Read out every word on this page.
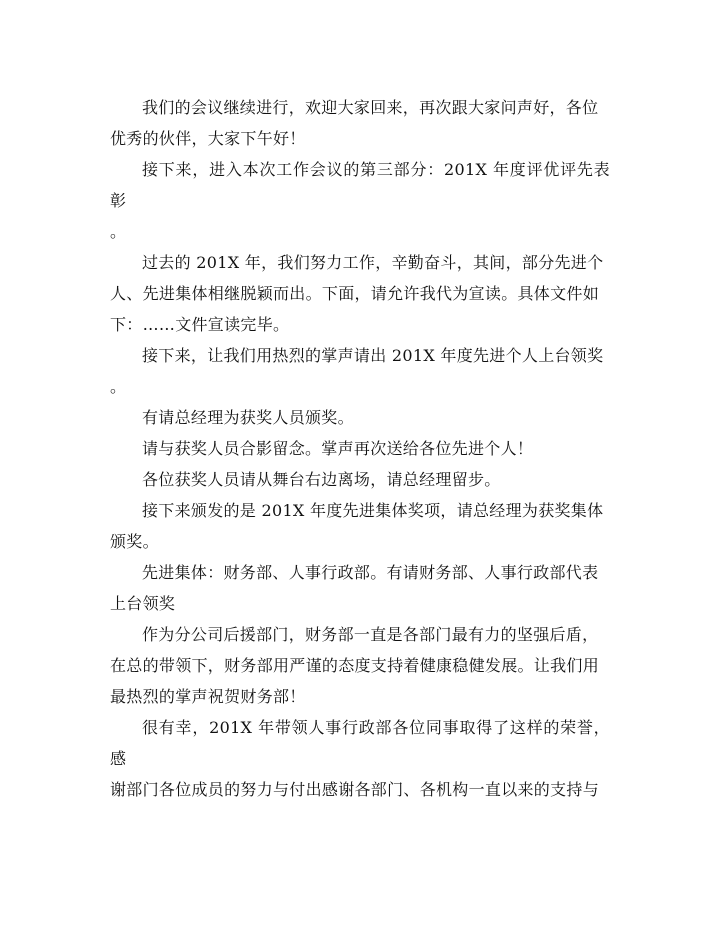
我们的会议继续进行，欢迎大家回来，再次跟大家问声好，各位
优秀的伙伴，大家下午好！

接下来，进入本次工作会议的第三部分：201X 年度评优评先表彰
。

过去的 201X 年，我们努力工作，辛勤奋斗，其间，部分先进个
人、先进集体相继脱颖而出。下面，请允许我代为宣读。具体文件如
下：……文件宣读完毕。

接下来，让我们用热烈的掌声请出 201X 年度先进个人上台领奖
。

有请总经理为获奖人员颁奖。

请与获奖人员合影留念。掌声再次送给各位先进个人！

各位获奖人员请从舞台右边离场，请总经理留步。

接下来颁发的是 201X 年度先进集体奖项，请总经理为获奖集体
颁奖。

先进集体：财务部、人事行政部。有请财务部、人事行政部代表
上台领奖

作为分公司后援部门，财务部一直是各部门最有力的坚强后盾，
在总的带领下，财务部用严谨的态度支持着健康稳健发展。让我们用
最热烈的掌声祝贺财务部！

很有幸，201X 年带领人事行政部各位同事取得了这样的荣誉，感
谢部门各位成员的努力与付出感谢各部门、各机构一直以来的支持与
